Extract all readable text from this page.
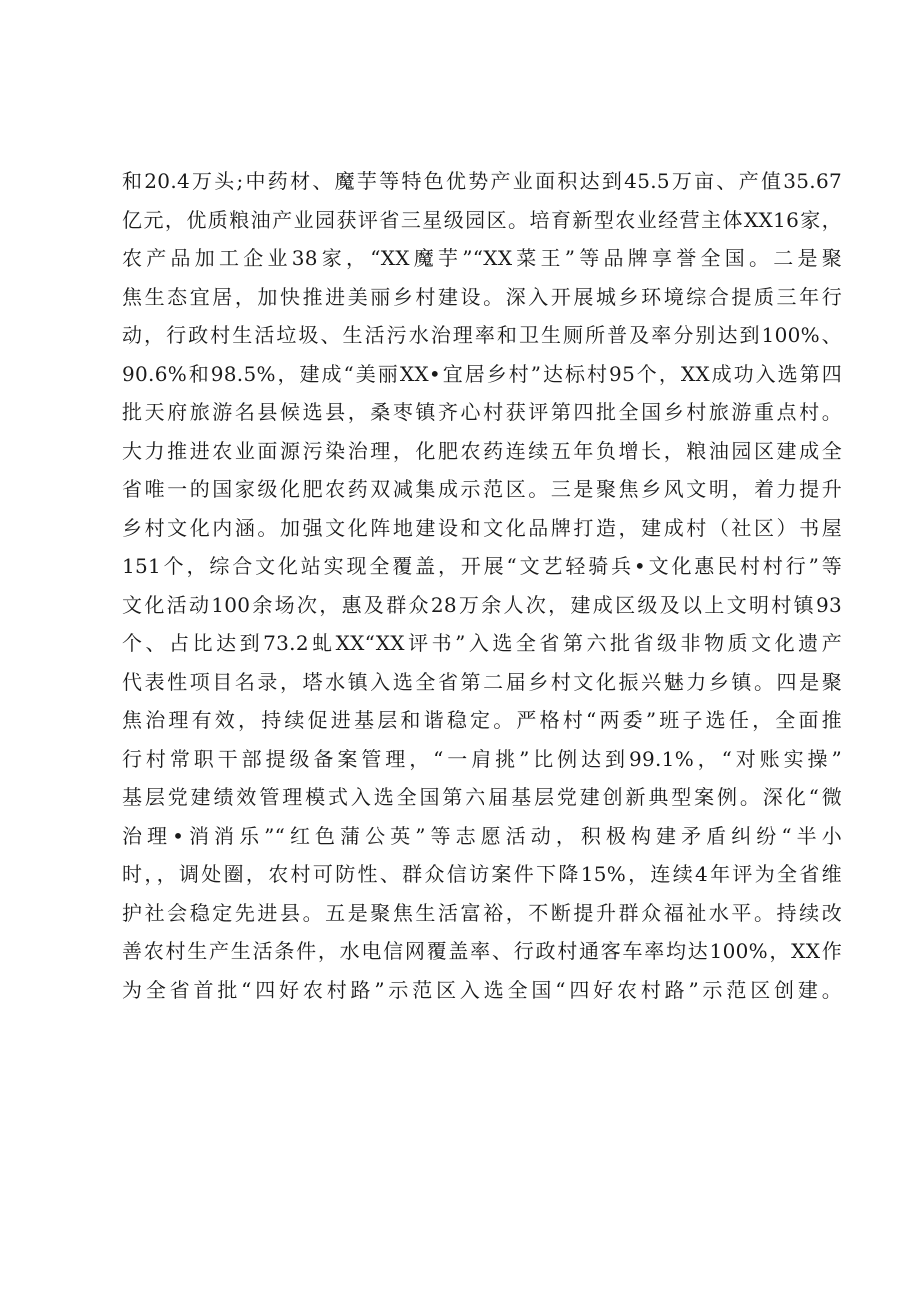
和20.4万头;中药材、魔芋等特色优势产业面积达到45.5万亩、产值35.67
亿元，优质粮油产业园获评省三星级园区。培育新型农业经营主体XX16家，
农产品加工企业38家，“XX魔芋”“XX菜王”等品牌享誉全国。二是聚
焦生态宜居，加快推进美丽乡村建设。深入开展城乡环境综合提质三年行
动，行政村生活垃圾、生活污水治理率和卫生厕所普及率分别达到100%、
90.6%和98.5%，建成“美丽XX•宜居乡村”达标村95个，XX成功入选第四
批天府旅游名县候选县，桑枣镇齐心村获评第四批全国乡村旅游重点村。
大力推进农业面源污染治理，化肥农药连续五年负增长，粮油园区建成全
省唯一的国家级化肥农药双减集成示范区。三是聚焦乡风文明，着力提升
乡村文化内涵。加强文化阵地建设和文化品牌打造，建成村（社区）书屋
151个，综合文化站实现全覆盖，开展“文艺轻骑兵•文化惠民村村行”等
文化活动100余场次，惠及群众28万余人次，建成区级及以上文明村镇93
个、占比达到73.2虬XX“XX评书”入选全省第六批省级非物质文化遗产
代表性项目名录，塔水镇入选全省第二届乡村文化振兴魅力乡镇。四是聚
焦治理有效，持续促进基层和谐稳定。严格村“两委”班子选任，全面推
行村常职干部提级备案管理，“一肩挑”比例达到99.1%，“对账实操”
基层党建绩效管理模式入选全国第六届基层党建创新典型案例。深化“微
治理•消消乐”“红色蒲公英”等志愿活动，积极构建矛盾纠纷“半小
时，，调处圈，农村可防性、群众信访案件下降15%，连续4年评为全省维
护社会稳定先进县。五是聚焦生活富裕，不断提升群众福祉水平。持续改
善农村生产生活条件，水电信网覆盖率、行政村通客车率均达100%，XX作
为全省首批“四好农村路”示范区入选全国“四好农村路”示范区创建。
